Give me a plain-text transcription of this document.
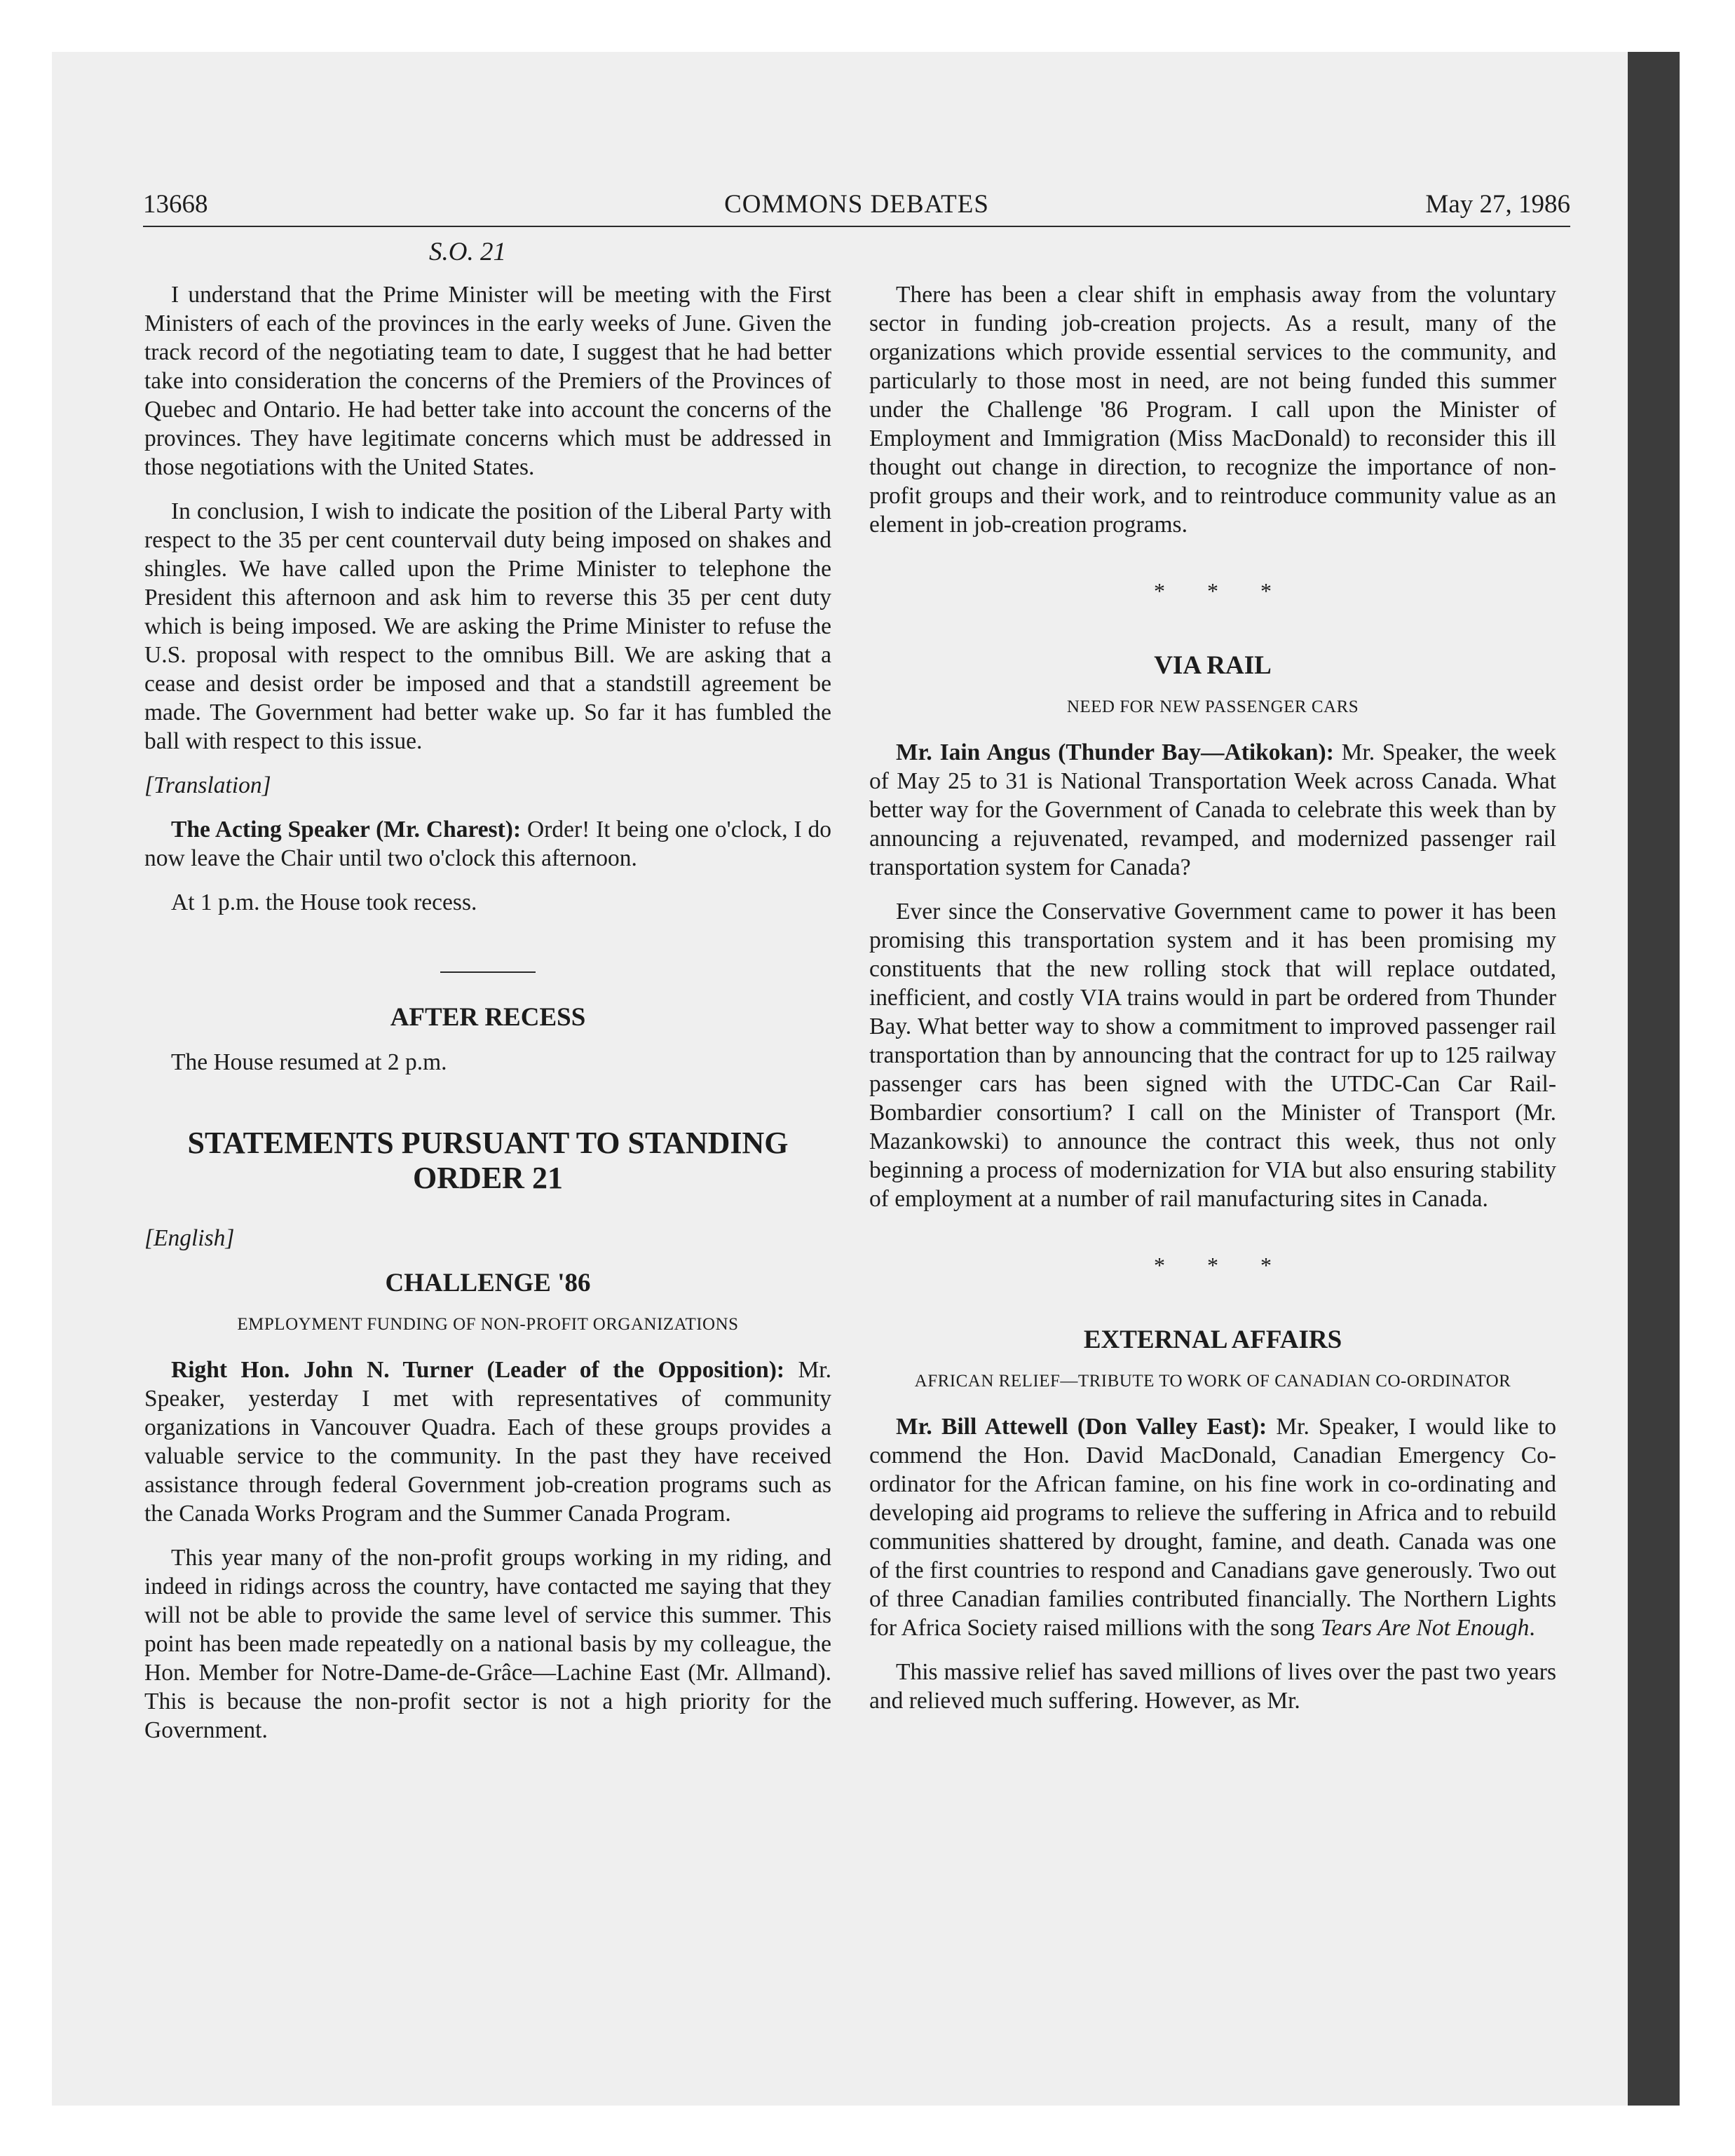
13668	COMMONS DEBATES	May 27, 1986
S.O. 21

I understand that the Prime Minister will be meeting with the First Ministers of each of the provinces in the early weeks of June. Given the track record of the negotiating team to date, I suggest that he had better take into consideration the concerns of the Premiers of the Provinces of Quebec and Ontario. He had better take into account the concerns of the provinces. They have legitimate concerns which must be addressed in those negotiations with the United States.

In conclusion, I wish to indicate the position of the Liberal Party with respect to the 35 per cent countervail duty being imposed on shakes and shingles. We have called upon the Prime Minister to telephone the President this afternoon and ask him to reverse this 35 per cent duty which is being imposed. We are asking the Prime Minister to refuse the U.S. proposal with respect to the omnibus Bill. We are asking that a cease and desist order be imposed and that a standstill agreement be made. The Government had better wake up. So far it has fumbled the ball with respect to this issue.

[Translation]

The Acting Speaker (Mr. Charest): Order! It being one o'clock, I do now leave the Chair until two o'clock this afternoon.

At 1 p.m. the House took recess.

AFTER RECESS

The House resumed at 2 p.m.

STATEMENTS PURSUANT TO STANDING ORDER 21

[English]

CHALLENGE '86
EMPLOYMENT FUNDING OF NON-PROFIT ORGANIZATIONS

Right Hon. John N. Turner (Leader of the Opposition): Mr. Speaker, yesterday I met with representatives of community organizations in Vancouver Quadra. Each of these groups provides a valuable service to the community. In the past they have received assistance through federal Government job-creation programs such as the Canada Works Program and the Summer Canada Program.

This year many of the non-profit groups working in my riding, and indeed in ridings across the country, have contacted me saying that they will not be able to provide the same level of service this summer. This point has been made repeatedly on a national basis by my colleague, the Hon. Member for Notre-Dame-de-Grâce—Lachine East (Mr. Allmand). This is because the non-profit sector is not a high priority for the Government.

There has been a clear shift in emphasis away from the voluntary sector in funding job-creation projects. As a result, many of the organizations which provide essential services to the community, and particularly to those most in need, are not being funded this summer under the Challenge '86 Program. I call upon the Minister of Employment and Immigration (Miss MacDonald) to reconsider this ill thought out change in direction, to recognize the importance of non-profit groups and their work, and to reintroduce community value as an element in job-creation programs.

* * *
VIA RAIL
NEED FOR NEW PASSENGER CARS

Mr. Iain Angus (Thunder Bay—Atikokan): Mr. Speaker, the week of May 25 to 31 is National Transportation Week across Canada. What better way for the Government of Canada to celebrate this week than by announcing a rejuvenated, revamped, and modernized passenger rail transportation system for Canada?

Ever since the Conservative Government came to power it has been promising this transportation system and it has been promising my constituents that the new rolling stock that will replace outdated, inefficient, and costly VIA trains would in part be ordered from Thunder Bay. What better way to show a commitment to improved passenger rail transportation than by announcing that the contract for up to 125 railway passenger cars has been signed with the UTDC-Can Car Rail-Bombardier consortium? I call on the Minister of Transport (Mr. Mazankowski) to announce the contract this week, thus not only beginning a process of modernization for VIA but also ensuring stability of employment at a number of rail manufacturing sites in Canada.

* * *
EXTERNAL AFFAIRS
AFRICAN RELIEF—TRIBUTE TO WORK OF CANADIAN CO-ORDINATOR

Mr. Bill Attewell (Don Valley East): Mr. Speaker, I would like to commend the Hon. David MacDonald, Canadian Emergency Co-ordinator for the African famine, on his fine work in co-ordinating and developing aid programs to relieve the suffering in Africa and to rebuild communities shattered by drought, famine, and death. Canada was one of the first countries to respond and Canadians gave generously. Two out of three Canadian families contributed financially. The Northern Lights for Africa Society raised millions with the song Tears Are Not Enough.

This massive relief has saved millions of lives over the past two years and relieved much suffering. However, as Mr.
